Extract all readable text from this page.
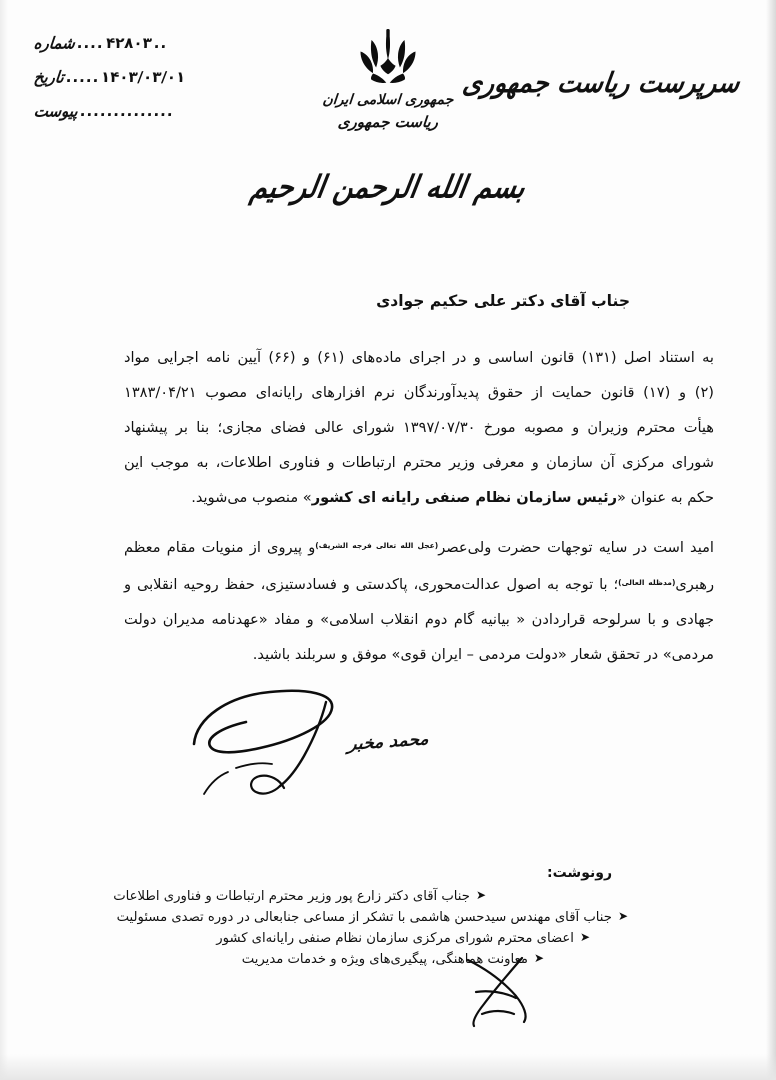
شماره .... ۴۲۸۰۳ ..
تاریخ ..... ۱۴۰۳/۰۳/۰۱
پیوست ..............
جمهوری اسلامی ایران
ریاست جمهوری
سرپرست ریاست جمهوری
بسم الله الرحمن الرحیم
جناب آقای دکتر علی حکیم جوادی
به استناد اصل (۱۳۱) قانون اساسی و در اجرای ماده‌های (۶۱) و (۶۶) آیین نامه اجرایی مواد
(۲) و (۱۷) قانون حمایت از حقوق پدیدآورندگان نرم افزارهای رایانه‌ای مصوب ۱۳۸۳/۰۴/۲۱
هیأت محترم وزیران و مصوبه مورخ ۱۳۹۷/۰۷/۳۰ شورای عالی فضای مجازی؛ بنا بر پیشنهاد
شورای مرکزی آن سازمان و معرفی وزیر محترم ارتباطات و فناوری اطلاعات، به موجب این
حکم به عنوان «رئیس سازمان نظام صنفی رایانه ای کشور» منصوب می‌شوید.
امید است در سایه توجهات حضرت ولی‌عصر$^{(عجل الله تعالی فرجه الشریف)}$و پیروی از منویات مقام معظم
رهبری$^{(مدظله العالی)}$؛ با توجه به اصول عدالت‌محوری، پاکدستی و فسادستیزی، حفظ روحیه انقلابی و
جهادی و با سرلوحه قراردادن « بیانیه گام دوم انقلاب اسلامی» و مفاد «عهدنامه مدیران دولت
مردمی» در تحقق شعار «دولت مردمی – ایران قوی» موفق و سربلند باشید.
محمد مخبر
رونوشت:
➤
جناب آقای دکتر زارع پور وزیر محترم ارتباطات و فناوری اطلاعات
➤
جناب آقای مهندس سیدحسن هاشمی با تشکر از مساعی جنابعالی در دوره تصدی مسئولیت
➤
اعضای محترم شورای مرکزی سازمان نظام صنفی رایانه‌ای کشور
➤
معاونت هماهنگی، پیگیری‌های ویژه و خدمات مدیریت
